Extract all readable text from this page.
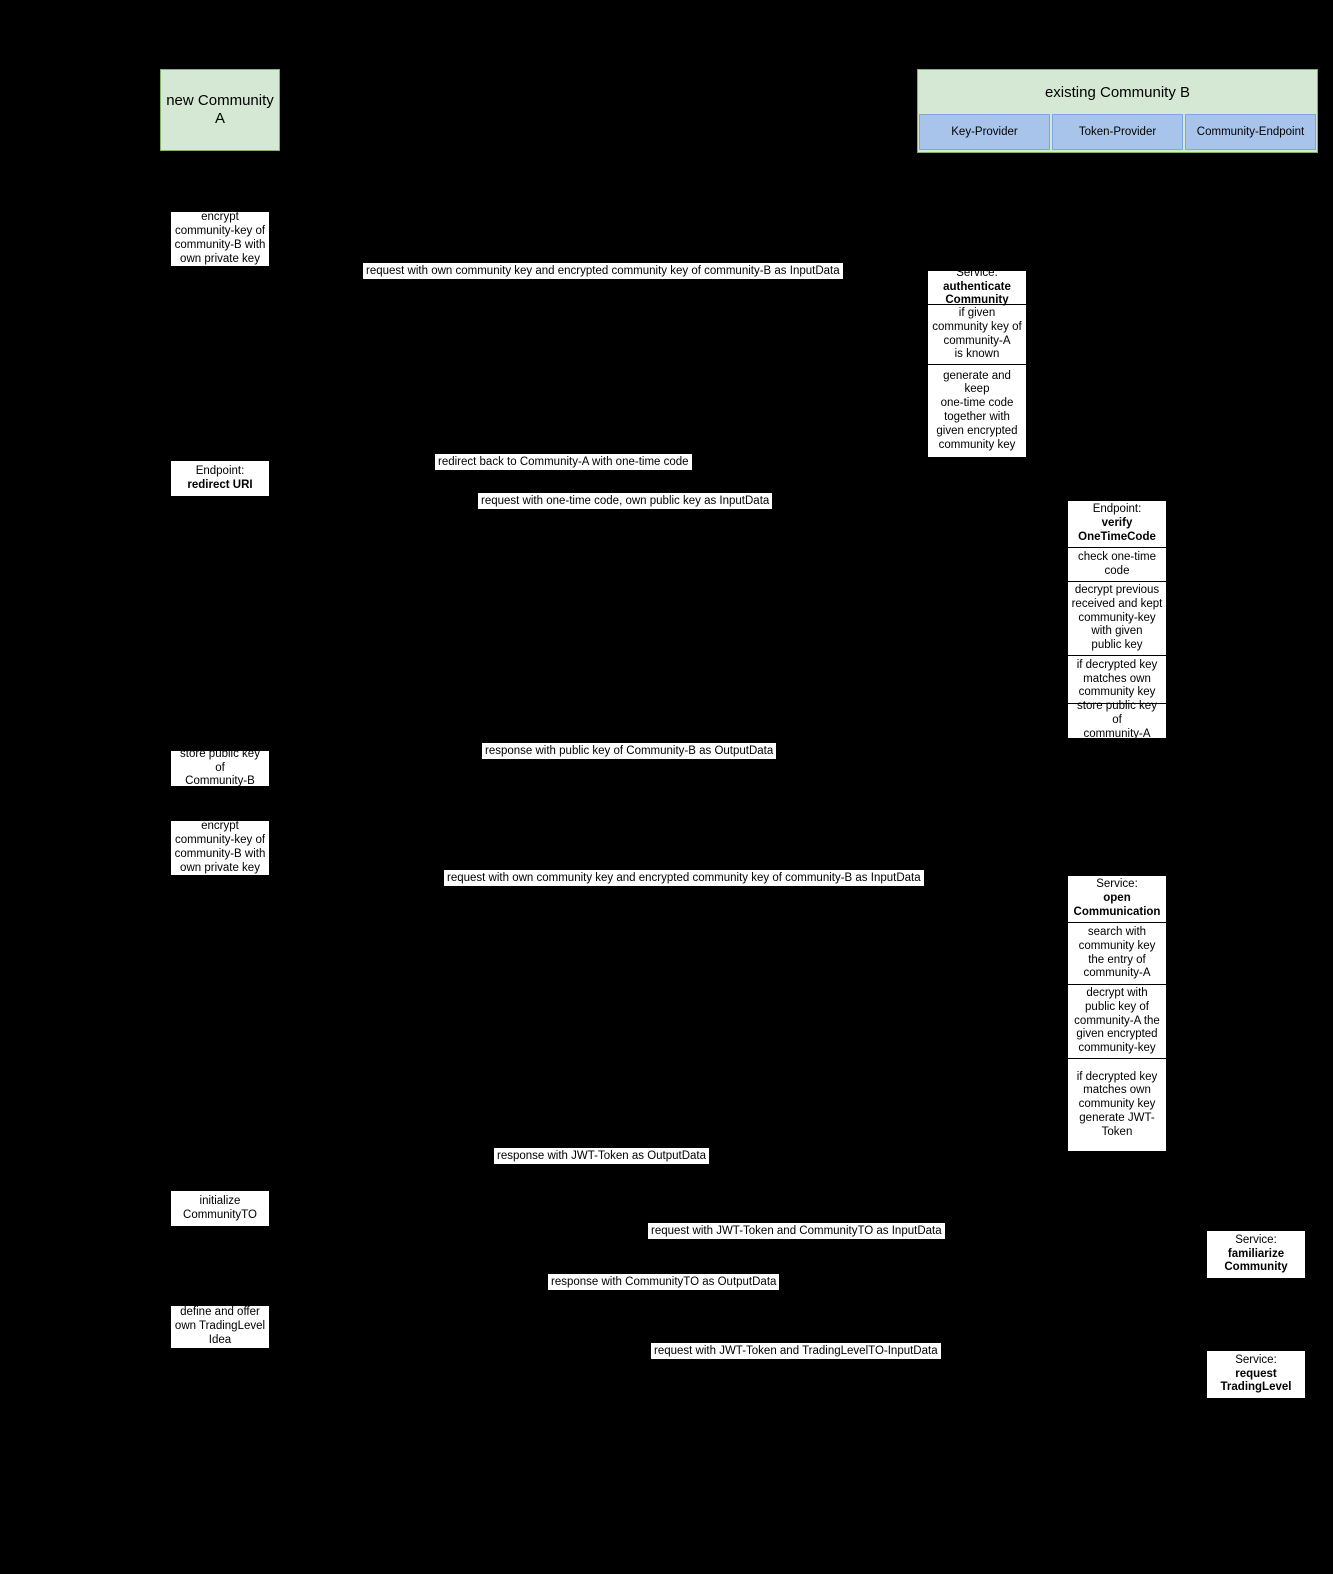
new Community A
existing Community B
Key-Provider	Token-Provider	Community-Endpoint
encrypt
community-key of
community-B with
own private key
Endpoint:
redirect URI
store public key of
Community-B
encrypt
community-key of
community-B with
own private key
initialize
CommunityTO
define and offer
own TradingLevel
Idea
request with own community key and encrypted community key of community-B as InputData
redirect back to Community-A with one-time code
request with one-time code, own public key as InputData
response with public key of Community-B as OutputData
request with own community key and encrypted community key of community-B as InputData
response with JWT-Token as OutputData
request with JWT-Token and CommunityTO as InputData
response with CommunityTO as OutputData
request with JWT-Token and TradingLevelTO-InputData
Service:
authenticate
Community
if given
community key of
community-A
is known
generate and
keep
one-time code
together with
given encrypted
community key
Endpoint:
verify
OneTimeCode
check one-time
code
decrypt previous
received and kept
community-key
with given
public key
if decrypted key
matches own
community key
store public key of
community-A
Service:
open
Communication
search with
community key
the entry of
community-A
decrypt with
public key of
community-A the
given encrypted
community-key
if decrypted key
matches own
community key
generate JWT-
Token
Service:
familiarize
Community
Service:
request
TradingLevel
